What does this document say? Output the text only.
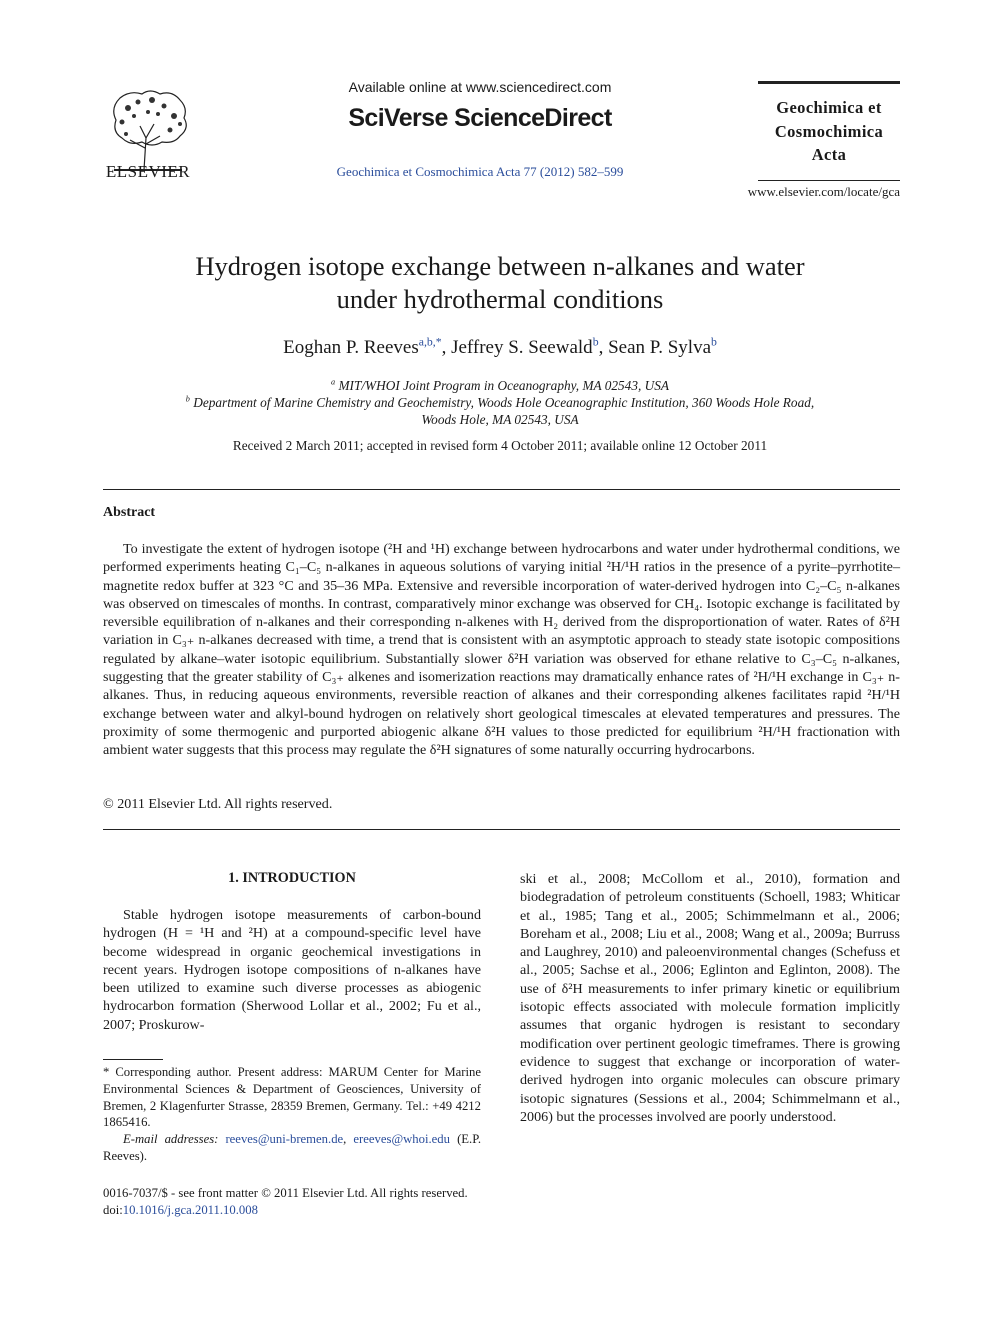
ELSEVIER
Available online at www.sciencedirect.com
SciVerse ScienceDirect
Geochimica et Cosmochimica Acta 77 (2012) 582–599
Geochimica et
Cosmochimica
Acta
www.elsevier.com/locate/gca
Hydrogen isotope exchange between n-alkanes and water
under hydrothermal conditions
Eoghan P. Reeves$^{a,b,*}$, Jeffrey S. Seewald$^b$, Sean P. Sylva$^b$
$^a$ MIT/WHOI Joint Program in Oceanography, MA 02543, USA
$^b$ Department of Marine Chemistry and Geochemistry, Woods Hole Oceanographic Institution, 360 Woods Hole Road,
Woods Hole, MA 02543, USA
Received 2 March 2011; accepted in revised form 4 October 2011; available online 12 October 2011
Abstract
To investigate the extent of hydrogen isotope (²H and ¹H) exchange between hydrocarbons and water under hydrothermal conditions, we performed experiments heating C₁–C₅ n-alkanes in aqueous solutions of varying initial ²H/¹H ratios in the presence of a pyrite–pyrrhotite–magnetite redox buffer at 323 °C and 35–36 MPa. Extensive and reversible incorporation of water-derived hydrogen into C₂–C₅ n-alkanes was observed on timescales of months. In contrast, comparatively minor exchange was observed for CH₄. Isotopic exchange is facilitated by reversible equilibration of n-alkanes and their corresponding n-alkenes with H₂ derived from the disproportionation of water. Rates of δ²H variation in C₃₊ n-alkanes decreased with time, a trend that is consistent with an asymptotic approach to steady state isotopic compositions regulated by alkane–water isotopic equilibrium. Substantially slower δ²H variation was observed for ethane relative to C₃–C₅ n-alkanes, suggesting that the greater stability of C₃₊ alkenes and isomerization reactions may dramatically enhance rates of ²H/¹H exchange in C₃₊ n-alkanes. Thus, in reducing aqueous environments, reversible reaction of alkanes and their corresponding alkenes facilitates rapid ²H/¹H exchange between water and alkyl-bound hydrogen on relatively short geological timescales at elevated temperatures and pressures. The proximity of some thermogenic and purported abiogenic alkane δ²H values to those predicted for equilibrium ²H/¹H fractionation with ambient water suggests that this process may regulate the δ²H signatures of some naturally occurring hydrocarbons.
© 2011 Elsevier Ltd. All rights reserved.
1. INTRODUCTION
Stable hydrogen isotope measurements of carbon-bound hydrogen (H = ¹H and ²H) at a compound-specific level have become widespread in organic geochemical investigations in recent years. Hydrogen isotope compositions of n-alkanes have been utilized to examine such diverse processes as abiogenic hydrocarbon formation (Sherwood Lollar et al., 2002; Fu et al., 2007; Proskurow-
ski et al., 2008; McCollom et al., 2010), formation and biodegradation of petroleum constituents (Schoell, 1983; Whiticar et al., 1985; Tang et al., 2005; Schimmelmann et al., 2006; Boreham et al., 2008; Liu et al., 2008; Wang et al., 2009a; Burruss and Laughrey, 2010) and paleoenvironmental changes (Schefuss et al., 2005; Sachse et al., 2006; Eglinton and Eglinton, 2008). The use of δ²H measurements to infer primary kinetic or equilibrium isotopic effects associated with molecule formation implicitly assumes that organic hydrogen is resistant to secondary modification over pertinent geologic timeframes. There is growing evidence to suggest that exchange or incorporation of water-derived hydrogen into organic molecules can obscure primary isotopic signatures (Sessions et al., 2004; Schimmelmann et al., 2006) but the processes involved are poorly understood.
* Corresponding author. Present address: MARUM Center for Marine Environmental Sciences & Department of Geosciences, University of Bremen, 2 Klagenfurter Strasse, 28359 Bremen, Germany. Tel.: +49 4212 1865416.
E-mail addresses: reeves@uni-bremen.de, ereeves@whoi.edu (E.P. Reeves).
0016-7037/$ - see front matter © 2011 Elsevier Ltd. All rights reserved.
doi:10.1016/j.gca.2011.10.008
